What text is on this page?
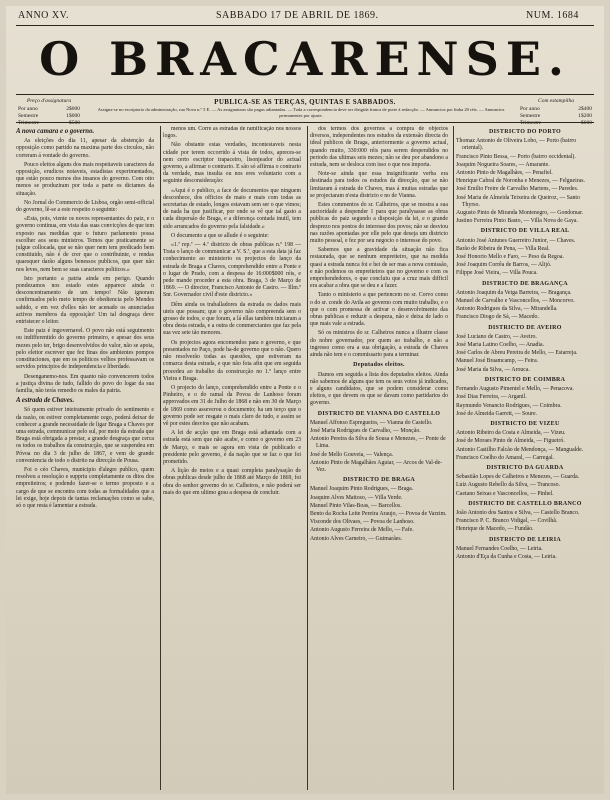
ANNO XV.	SABBADO 17 DE ABRIL DE 1869.	NUM. 1684
O BRACARENSE.
PUBLICA-SE AS TERÇAS, QUINTAS E SABBADOS.
Preço d'assignatura
Por anno	2$000
Semestre	1$000
Trimestre	$500
Assigna-se no escriptorio da administração, rua Nova n.º 5 E. — As assignaturas são pagas adiantadas. — Toda a correspondencia deve ser dirigida franca de porte á redacção. — Annuncios por linha 20 réis. — Annuncios permanentes por ajuste.
Com estampilha
Por anno	2$400
Semestre	1$200
Trimestre	$600
A nova camara e o governo.

As eleições do dia 11, apesar da abstenção da opposição como partido na maxima parte dos circulos, não correram á vontade do governo.

Pouco eleitos alguns dos mais respeitaveis caracteres da opposição, erudicos notaveis, estadistas experimentados, que estão pouco menos dos insanos do governo. Com otto menos se produziram por toda a parte os dictames da situação.

No Jornal do Commercio de Lisboa, orgão semi-official do governo, lê-se a este respeito o seguinte:

«Esta, pois, viente os novos representantes do paiz, e o governo continua, em vista das suas convicções de que tem exposto nas medidas que o futuro parlamento possa escolher aos seus ministros. Temos que praticamente se julgue collocada, que se não quer nem tem predicado bem constituido, não é de crer que o contribuinte, e rendas quaesquer darão alguns benessos publicos, que quer não nos leves, nem bem se suas caracteres politicos.»

Isto portanto a patria ainda em perigo. Quando pondezamos nos estado estes apparece ainda o desconcentramento de um tempo! Não ignoram confirmados pelo meio tempo de obediencia pelo Mendes sahido, e em vez d'elles não ter acenado os anunciadas activos membros da opposição! Um tal desgraça deve entristecer o leitor.

Este paiz é ingovernavel. O povo não está seguimento ou indifferentido do governo primeiro, e apesar dos seus mezes pelo ter, brigo desenvolvidos do valor, não se apoia, pelo eleitor escrever que fez finas dos ambientes pompos constituciones, que em os politicos velhos professavam os servidos principios de independencia e liberdade.

Desenganemo-nos. Em quanto não convencerem todos a justiça divina de tudo, fallido do povo do logar da sua familia, não terás remedio os males da patria.

A estrada de Chaves.

Só quem estiver inteiramente privado do sentimento e da razão, ou estiver completamente cego, poderá deixar de conhecer a grande necessidade de ligar Braga a Chaves por uma estrada, communicar pelo sul, por meio da estrada que Braga está obrigada a prestar, a grande desgraça que cerca os todos os trabalhos da construcção, que se suspendeu em Póvoa no dia 3 de julho de 1867, e vem de grande conveniencia de todo o distrito na direcção de Pousa.

Foi o céo Chaves, municipio d'alegre publico, quem resolveu a resolução e suppriu completamente os ditos dos empreiteiros; e podendo fazer-se o termo proposto e a cargo de que se encontra com todas as formalidades que a lei exige, hoje depois de tantas reclamações como se sabe, só o que resta é lamentar a estrada.

menos um. Corre as estradas de ramificação nos nossos logos.

Não obstante estas verdades, incontestaveis nesta cidade por terem occorrido á vista de todos, apreces-se nem certo escriptor trapaceiro, lisonjeador do actual governo, a afirmar o contrario. E são só affirma o contrario da verdade, mas insulta ou nos eres voluntario com a seguinte desconsideração:

«Aqui é o publico, a face de documentos que ninguem desconhece, dos officios de maio e mais com todas as secretarias de estado, longos estavam sem ser o que vimos; de nada ha que justificar, por onde se vê que tal gasto a cada dispersão de Braga, e a diferença contada inutil, tem sido arrancados do governo pela falsidade.»

O documento a que se allude é o seguinte:

«1.ª rep.ª — 4.ª districto de obras publicas n.º 198 — Trata o lanço de communicar a V. S.ª, que a esta data já faz conhecimento ao ministerio os projectos do lanço da estrada de Braga a Chaves, comprehendido entre a Ponte e o lugar de Prado, com a despesa de 16:000$000 réis, e pede mande proceder a esta obra. Braga, 3 de Março de 1869. — O director, Francisco Antonio de Castro. — Illm.º Snr. Governador civil d'este districto.»

Dêm ainda os traballadores da estrada os dados mais uteis que possam; que o governo não compreenda sem o grosso de todos, e que foram, a lá ellas também iniciaram a obra desta estrada, e a outra de commerciantes que faz pela sua vez sete tão menores.

Os projectos agora encomendos para o governo, e que presentados no Paço, pode ha-de governo que o não. Quero não resolverão todas as questões, que estiveram na comarca desta estrada, e que não foia afin que em seguida procedeu ao trabalho da construcção no 1.º lanço entre Vieira e Braga.

O projecto do lanço, comprehendido entre a Ponte e o Pinheiro, e o do ramal da Povoa de Lanhoso foram approvados em 31 de Julho de 1868 e não em 30 de Março de 1869 como asseverou o documento; ha um terço que o governo pode ser resgate o mais claro de tudo, e assim se vê por estes desvios que não acabam.

A lei de acção que em Braga está adiantada com a estrada está sem que não acabe, e como o governo em 23 de Março, e mais se agora em vista de publicado e presidente pelo governo, é da nação que se faz o que foi prometido.

A lição de meios e a quasi completa paralysação de obras publicas desde julho de 1868 até Março de 1869, foi obra do senhor governo do sr. Calheiros, e não poderá ser mais do que em ultimo grau a despesa de concluir.

dos termos dos governos a compra de objectos diversos, independentes nos estudos da extensão directa do ideal publicos de Braga, anteriormente a governo actual, quando muito, 330:000 réis para serem despendidos no periodo das ultimas seis mezes; não se deu por abandono a estrada, nem se desloca com isso o que nos importa.

Note-se ainda que essa insignificante verba era destinada para todos os estudos da direcção, que se não limitaram á estrada de Chaves, mas á muitas estradas que se projectaram n'esta districto e no de Vianna.

Estes commentos do sr. Calheiros, que se mostra a sua auctoridade a despender 1 para que paralysasse as obras publicas do paiz segundo a disposição da lei, e o grande desprezo nos pontos do interesse dos povos; não se desviou nas razões apontadas por elle pelo que deseja um districto muito pessoal, e fez por seu negocio o interesse do povo.

Sabemos que a gravidade da situação não fica restaurada, que se nenhum empreiteiro, que na medida quasi a estrada nunca foi e hei de ser mas a nova comissão, e não podemos os empreiteiros que no governo e com os emprehendedores, o que concluiu que a cruz mais difficil era acabar a obra que se deu e a fazer.

Tanto o ministerio a que pertencem no sr. Corvo como o do sr. conde do Avila ao governo com muito trabalho, e o que o com promessa de activar o desenvolvimento das obras publicas e reduzir a despeza, não e deixa de lado o que mais vale a estrada.

Só os ministros do sr. Calheiros nunca a illustre classe do nobre governador, por quem ao trabalho, e não a ingresso como era a sua obrigação, a estrada de Chaves ainda não tem e o commissario para a terminar.

Deputados eleitos.

Damos em seguida a lista dos deputados eleitos. Ainda não sabemos de alguns que tem os seus votos já indicados, e alguns candidatos, que se podem considerar como eleitos, e que devem os que se davam como partidarios do governo.

DISTRICTO DE VIANNA DO CASTELLO

Manuel Affonso Espregueira, — Vianna do Castello.

José Maria Rodrigues de Carvalho, — Monção.

Antonio Pereira da Silva de Sousa e Menezes, — Ponte de Lima.

José de Mello Gouveia, — Valença.

Antonio Pinto de Magalhães Aguiar, — Arcos de Val-de-Vez.

DISTRICTO DE BRAGA

Manuel Joaquim Pinto Rodrigues, — Braga.

Joaquim Alves Mattoso, — Villa Verde.

Manuel Pinto Vilas-Boas, — Barcellos.

Bento da Rocha Leite Pereira Araujo, — Povoa de Varzim.

Visconde dos Olivaes, — Povoa de Lanhoso.

Antonio Augusto Ferreira de Mello, — Fafe.

Antonio Alves Carneiro, — Guimarães.

DISTRICTO DO PORTO

Thomaz Antonio de Oliveira Lobo, — Porto (bairro oriental).

Francisco Pinto Bessa, — Porto (bairro occidental).

Joaquim Nogueira Soares, — Amarante.

Antonio Pinto de Magalhães, — Penafiel.

Henrique Cabral de Noronha e Menezes, — Felgueiras.

José Emilio Freire de Carvalho Martens, — Paredes.

José Maria de Almeida Teixeira de Queiroz, — Santo Thyrso.

Augusto Pinto de Miranda Montenegro, — Gondomar.

Justino Ferreira Pinto Basto, — Villa Nova de Gaya.

DISTRICTO DE VILLA REAL

Antonio José Antunes Guerreiro Junior, — Chaves.

Barão de Ribeira de Pena, — Villa Real.

José Honorio Mello e Faro, — Peso da Regoa.

José Joaquim Corrêa de Barros, — Alijó.

Filippe José Vieira, — Villa Pouca.

DISTRICTO DE BRAGANÇA

Antonio Joaquim da Veiga Barreira, — Bragança.

Manuel de Carvalho e Vasconcellos, — Moncorvo.

Antonio Rodrigues da Silva, — Mirandella.

Francisco Diogo de Sá, — Macedo.

DISTRICTO DE AVEIRO

José Luciano de Castro, — Aveiro.

José Maria Latino Coelho, — Anadia.

José Carlos de Abreu Pereira de Mello, — Estarreja.

Manuel José Braamcamp, — Feira.

José Maria da Silva, — Arouca.

DISTRICTO DE COIMBRA

Fernando Augusto Pimentel e Mello, — Penacova.

José Dias Ferreira, — Arganil.

Raymundo Venancio Rodrigues, — Coimbra.

José de Almeida Garrett, — Soure.

DISTRICTO DE VIZEU

Antonio Ribeiro da Costa e Almeida, — Vizeu.

José de Moraes Pinto de Almeida, — Figueiró.

Antonio Castilho Falcão de Mendonça, — Mangualde.

Francisco Coelho do Amaral, — Carregal.

DISTRICTO DA GUARDA

Sebastião Lopes de Calheiros e Menezes, — Guarda.

Luiz Augusto Rebello da Silva, — Trancoso.

Caetano Seixas e Vasconcellos, — Pinhel.

DISTRICTO DE CASTELLO BRANCO

João Antonio dos Santos e Silva, — Castello Branco.

Francisco P. C. Branco Vidigal, — Covilhã.

Henrique de Macedo, — Fundão.

DISTRICTO DE LEIRIA

Manuel Fernandes Coelho, — Leiria.

Antonio d'Eça da Cunha e Costa, — Leiria.
